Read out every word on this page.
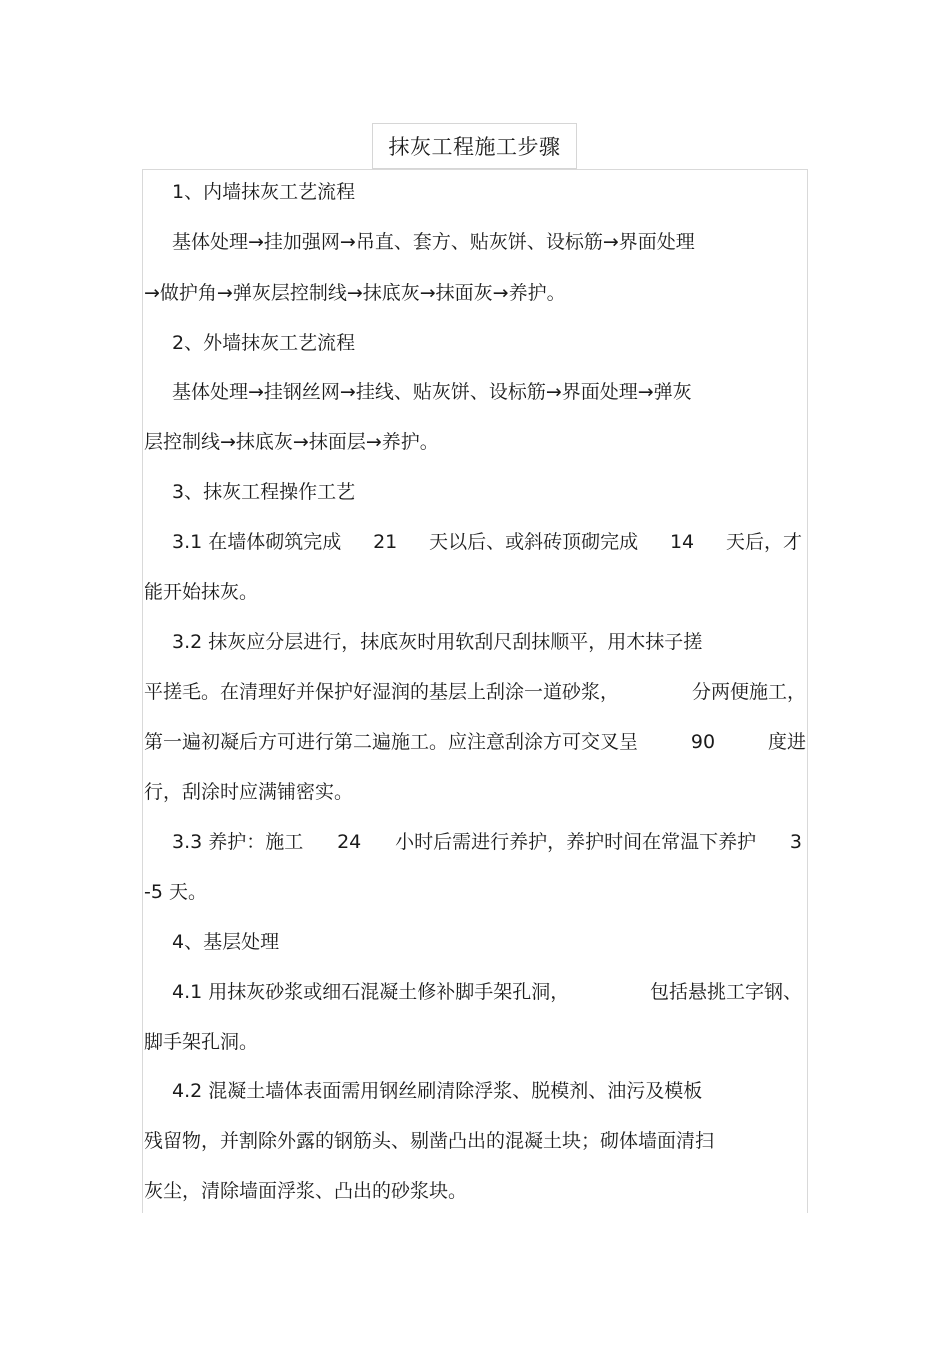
抹灰工程施工步骤
1、内墙抹灰工艺流程
基体处理→挂加强网→吊直、套方、贴灰饼、设标筋→界面处理
→做护角→弹灰层控制线→抹底灰→抹面灰→养护。
2、外墙抹灰工艺流程
基体处理→挂钢丝网→挂线、贴灰饼、设标筋→界面处理→弹灰
层控制线→抹底灰→抹面层→养护。
3、抹灰工程操作工艺
3.1 在墙体砌筑完成 21 天以后、或斜砖顶砌完成 14 天后，才
能开始抹灰。
3.2 抹灰应分层进行，抹底灰时用软刮尺刮抹顺平，用木抹子搓
平搓毛。在清理好并保护好湿润的基层上刮涂一道砂浆，	分两便施工，
第一遍初凝后方可进行第二遍施工。应注意刮涂方可交叉呈	90	度进
行，刮涂时应满铺密实。
3.3 养护：施工 24 小时后需进行养护，养护时间在常温下养护 3
-5 天。
4、基层处理
4.1 用抹灰砂浆或细石混凝土修补脚手架孔洞，	包括悬挑工字钢、
脚手架孔洞。
4.2 混凝土墙体表面需用钢丝刷清除浮浆、脱模剂、油污及模板
残留物，并割除外露的钢筋头、剔凿凸出的混凝土块；砌体墙面清扫
灰尘，清除墙面浮浆、凸出的砂浆块。
